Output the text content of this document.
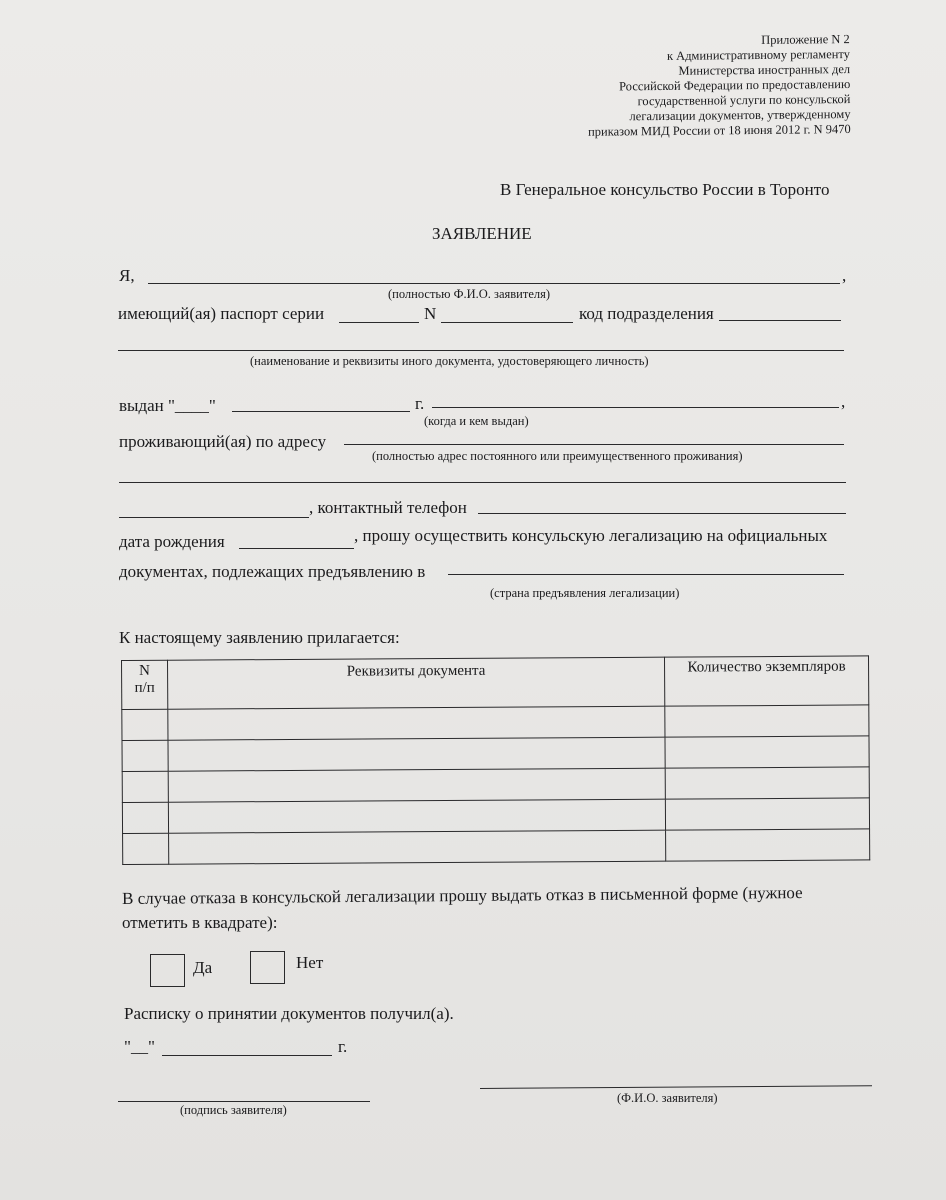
Приложение N 2
к Административному регламенту
Министерства иностранных дел
Российской Федерации по предоставлению
государственной услуги по консульской
легализации документов, утвержденному
приказом МИД России от 18 июня 2012 г. N 9470
В Генеральное консульство России в Торонто
ЗАЯВЛЕНИЕ
Я,	,
(полностью Ф.И.О. заявителя)
имеющий(ая) паспорт серии	N	код подразделения
(наименование и реквизиты иного документа, удостоверяющего личность)
выдан "____"	г.	,
(когда и кем выдан)
проживающий(ая) по адресу
(полностью адрес постоянного или преимущественного проживания)
, контактный телефон
дата рождения	, прошу осуществить консульскую легализацию на официальных
документах, подлежащих предъявлению в
(страна предъявления легализации)
К настоящему заявлению прилагается:
N
п/п	Реквизиты документа	Количество экземпляров

В случае отказа в консульской легализации прошу выдать отказ в письменной форме (нужное
отметить в квадрате):
Да	Нет
Расписку о принятии документов получил(а).
"__"	г.
(подпись заявителя)
(Ф.И.О. заявителя)
